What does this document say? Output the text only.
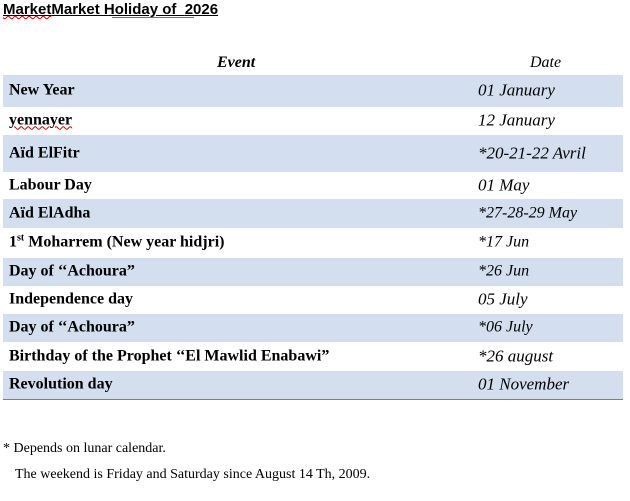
MarketMarket Holiday of  2026
Event	Date
New Year	01 January
yennayer	12 January
Aïd ElFitr	*20-21-22 Avril
Labour Day	01 May
Aïd ElAdha	*27-28-29 May
1st Moharrem (New year hidjri)	*17 Jun
Day of ‘‘Achoura”	*26 Jun
Independence day	05 July
Day of ‘‘Achoura”	*06 July
Birthday of the Prophet ‘‘El Mawlid Enabawi”	*26 august
Revolution day	01 November
* Depends on lunar calendar.
The weekend is Friday and Saturday since August 14 Th, 2009.
